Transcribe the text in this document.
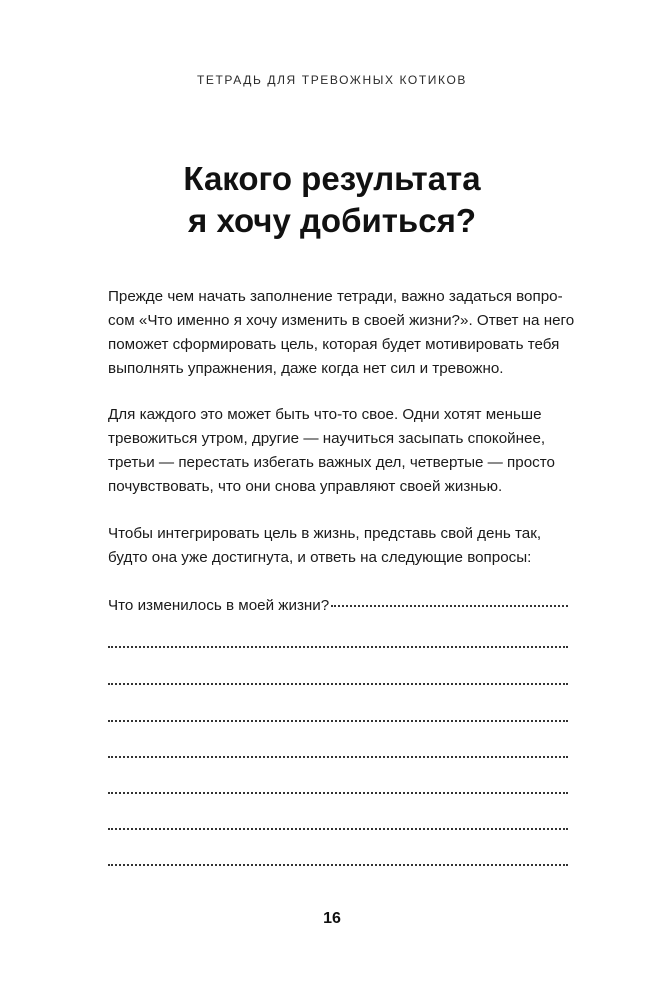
ТЕТРАДЬ ДЛЯ ТРЕВОЖНЫХ КОТИКОВ
Какого результата
я хочу добиться?
Прежде чем начать заполнение тетради, важно задаться вопро-
сом «Что именно я хочу изменить в своей жизни?». Ответ на него
поможет сформировать цель, которая будет мотивировать тебя
выполнять упражнения, даже когда нет сил и тревожно.
Для каждого это может быть что-то свое. Одни хотят меньше
тревожиться утром, другие — научиться засыпать спокойнее,
третьи — перестать избегать важных дел, четвертые — просто
почувствовать, что они снова управляют своей жизнью.
Чтобы интегрировать цель в жизнь, представь свой день так,
будто она уже достигнута, и ответь на следующие вопросы:
Что изменилось в моей жизни?
16
